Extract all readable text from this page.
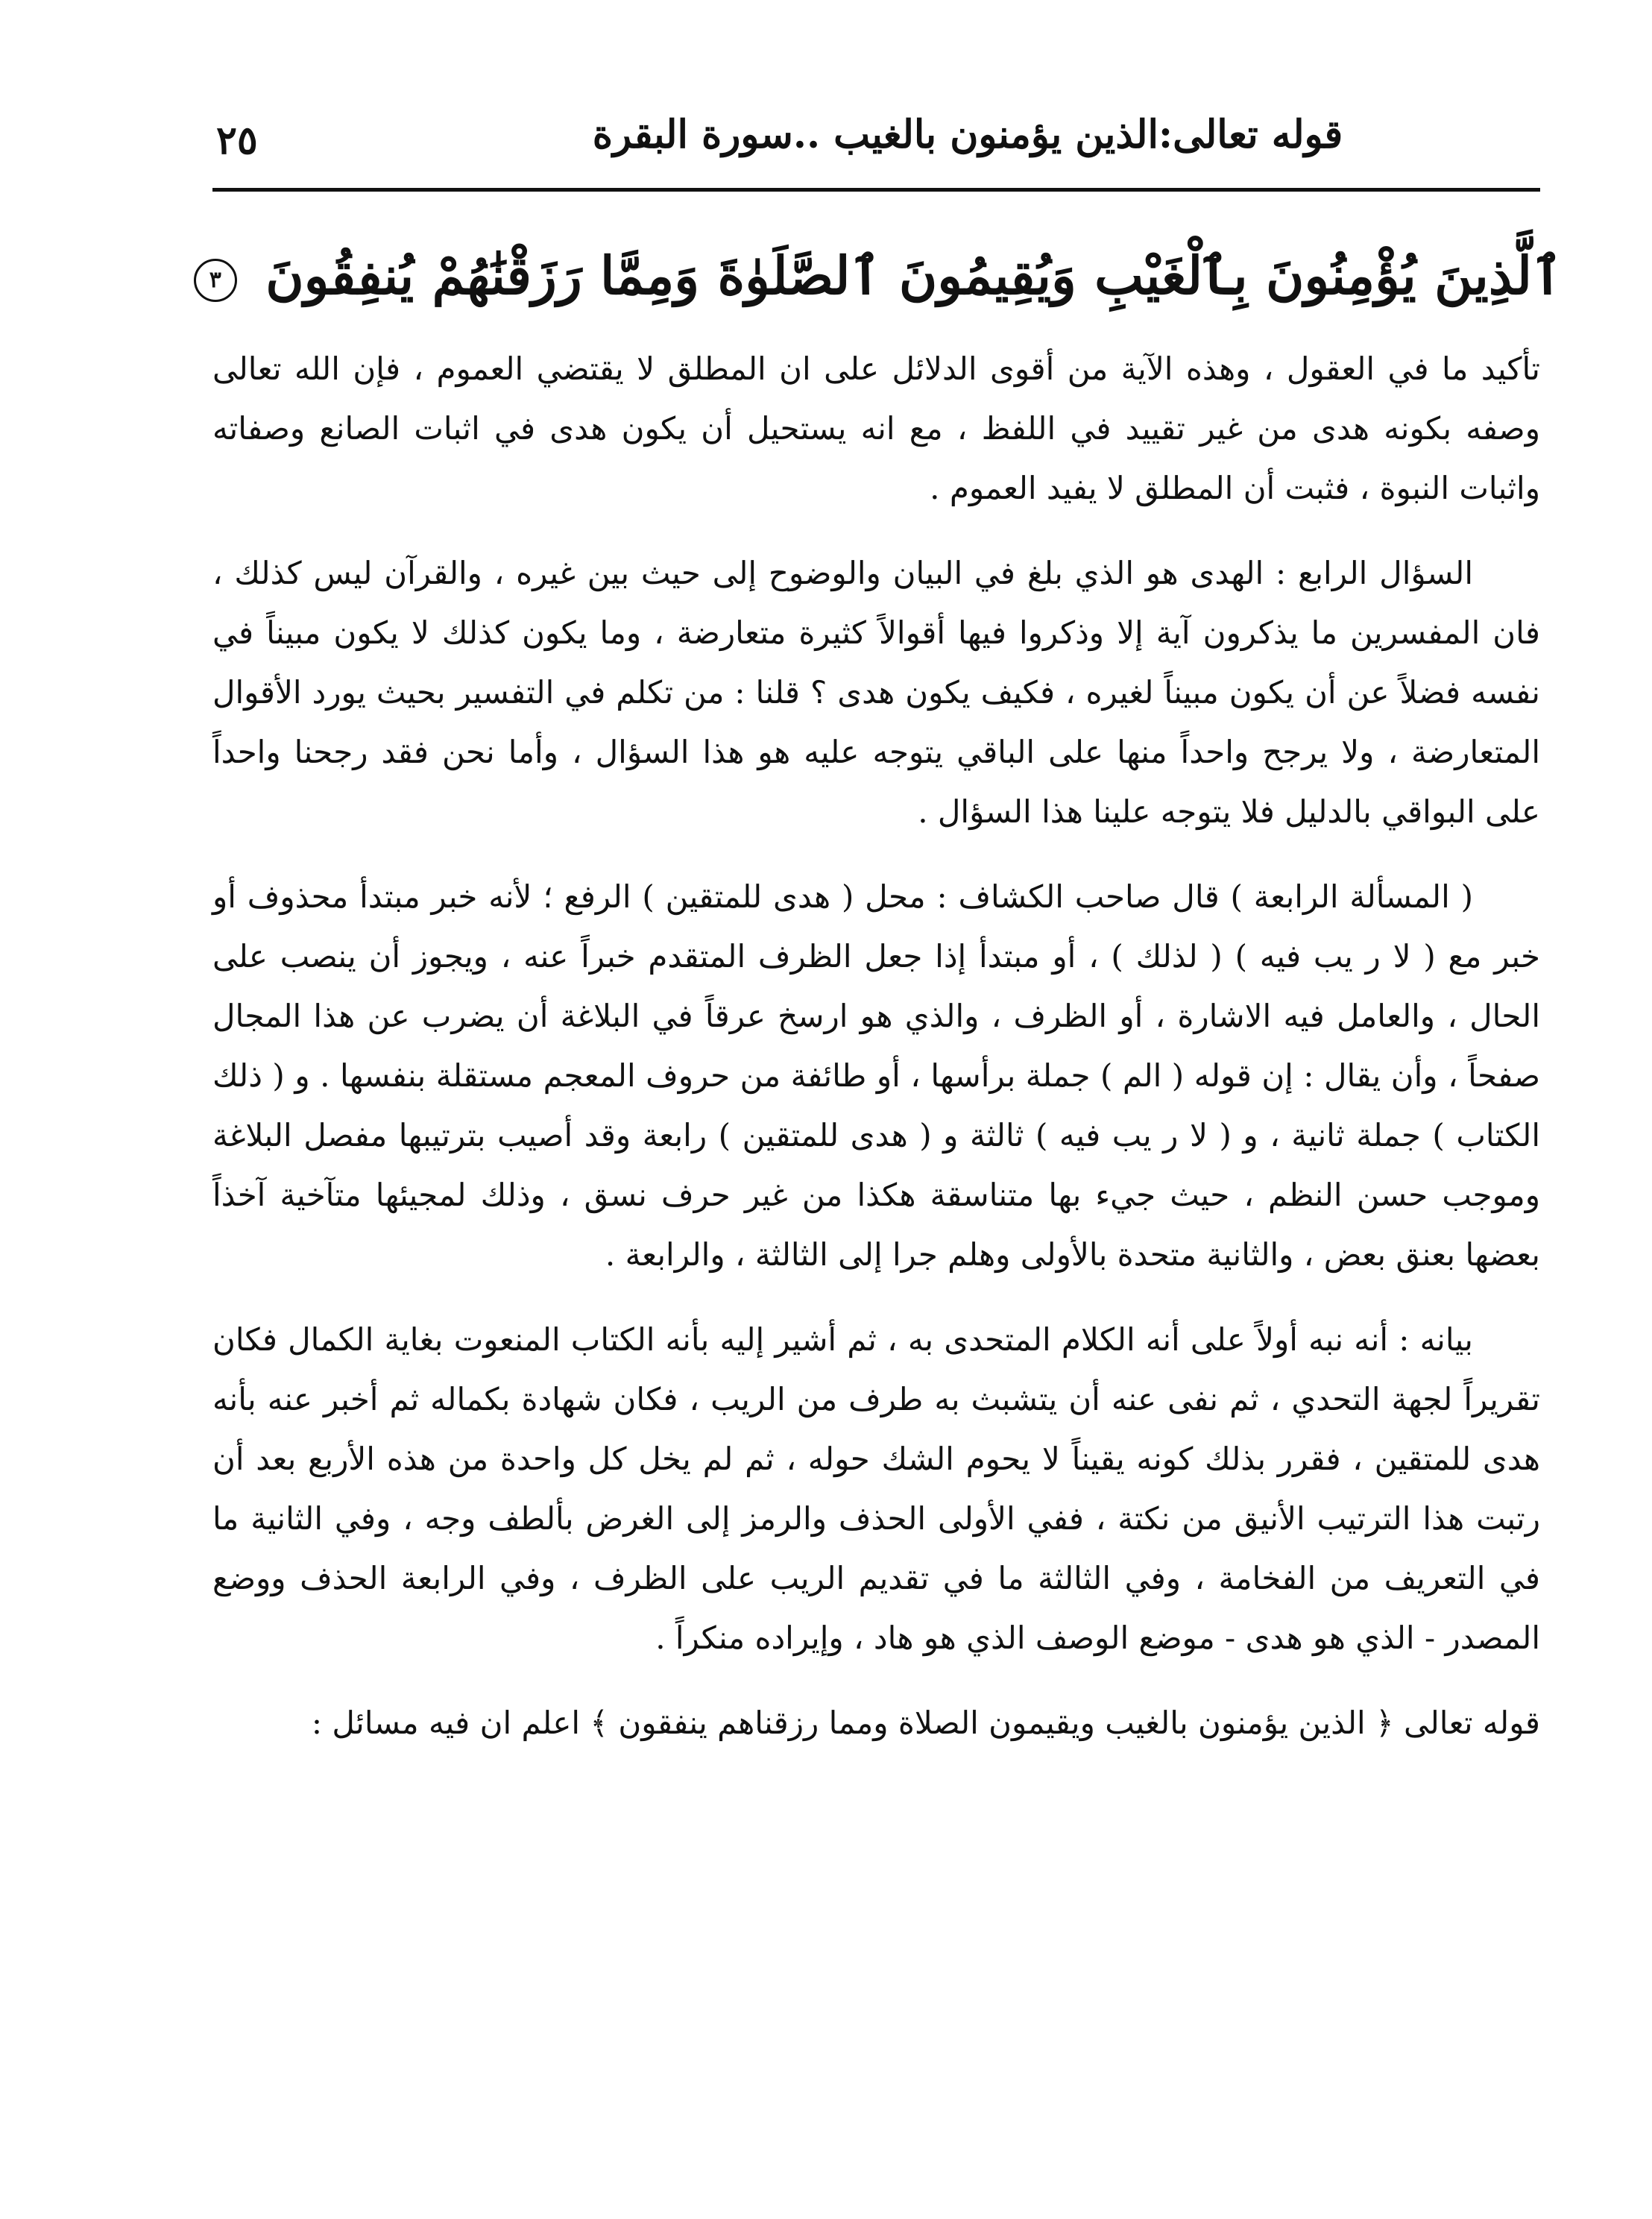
٢٥	قوله تعالى:الذين يؤمنون بالغيب ..سورة البقرة
ٱلَّذِينَ يُؤْمِنُونَ بِٱلْغَيْبِ وَيُقِيمُونَ ٱلصَّلَوٰةَ وَمِمَّا رَزَقْنَٰهُمْ يُنفِقُونَ ٣

تأكيد ما في العقول ، وهذه الآية من أقوى الدلائل على ان المطلق لا يقتضي العموم ، فإن الله تعالى وصفه بكونه هدى من غير تقييد في اللفظ ، مع انه يستحيل أن يكون هدى في اثبات الصانع وصفاته واثبات النبوة ، فثبت أن المطلق لا يفيد العموم .

السؤال الرابع : الهدى هو الذي بلغ في البيان والوضوح إلى حيث بين غيره ، والقرآن ليس كذلك ، فان المفسرين ما يذكرون آية إلا وذكروا فيها أقوالاً كثيرة متعارضة ، وما يكون كذلك لا يكون مبيناً في نفسه فضلاً عن أن يكون مبيناً لغيره ، فكيف يكون هدى ؟ قلنا : من تكلم في التفسير بحيث يورد الأقوال المتعارضة ، ولا يرجح واحداً منها على الباقي يتوجه عليه هو هذا السؤال ، وأما نحن فقد رجحنا واحداً على البواقي بالدليل فلا يتوجه علينا هذا السؤال .

( المسألة الرابعة ) قال صاحب الكشاف : محل ( هدى للمتقين ) الرفع ؛ لأنه خبر مبتدأ محذوف أو خبر مع ( لا ر يب فيه ) ( لذلك ) ، أو مبتدأ إذا جعل الظرف المتقدم خبراً عنه ، ويجوز أن ينصب على الحال ، والعامل فيه الاشارة ، أو الظرف ، والذي هو ارسخ عرقاً في البلاغة أن يضرب عن هذا المجال صفحاً ، وأن يقال : إن قوله ( الم ) جملة برأسها ، أو طائفة من حروف المعجم مستقلة بنفسها . و ( ذلك الكتاب ) جملة ثانية ، و ( لا ر يب فيه ) ثالثة و ( هدى للمتقين ) رابعة وقد أصيب بترتيبها مفصل البلاغة وموجب حسن النظم ، حيث جيء بها متناسقة هكذا من غير حرف نسق ، وذلك لمجيئها متآخية آخذاً بعضها بعنق بعض ، والثانية متحدة بالأولى وهلم جرا إلى الثالثة ، والرابعة .

بيانه : أنه نبه أولاً على أنه الكلام المتحدى به ، ثم أشير إليه بأنه الكتاب المنعوت بغاية الكمال فكان تقريراً لجهة التحدي ، ثم نفى عنه أن يتشبث به طرف من الريب ، فكان شهادة بكماله ثم أخبر عنه بأنه هدى للمتقين ، فقرر بذلك كونه يقيناً لا يحوم الشك حوله ، ثم لم يخل كل واحدة من هذه الأربع بعد أن رتبت هذا الترتيب الأنيق من نكتة ، ففي الأولى الحذف والرمز إلى الغرض بألطف وجه ، وفي الثانية ما في التعريف من الفخامة ، وفي الثالثة ما في تقديم الريب على الظرف ، وفي الرابعة الحذف ووضع المصدر - الذي هو هدى - موضع الوصف الذي هو هاد ، وإيراده منكراً .

قوله تعالى ﴿ الذين يؤمنون بالغيب ويقيمون الصلاة ومما رزقناهم ينفقون ﴾ اعلم ان فيه مسائل :
